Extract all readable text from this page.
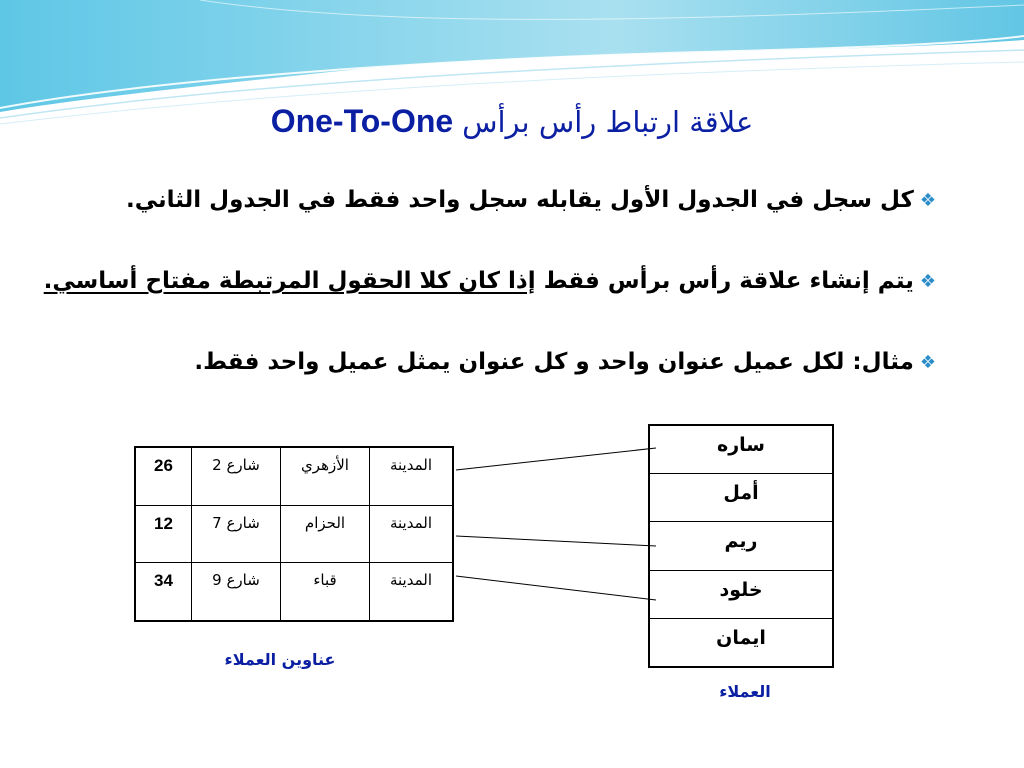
One-To-One علاقة ارتباط رأس برأس
❖كل سجل في الجدول الأول يقابله سجل واحد فقط في الجدول الثاني.
❖يتم إنشاء علاقة رأس برأس فقط إذا كان كلا الحقول المرتبطة مفتاح أساسي.
❖مثال: لكل عميل عنوان واحد و كل عنوان يمثل عميل واحد فقط.
المدينة	الأزهري	شارع 2	26
المدينة	الحزام	شارع 7	12
المدينة	قباء	شارع 9	34
ساره
أمل
ريم
خلود
ايمان
عناوين العملاء
العملاء
